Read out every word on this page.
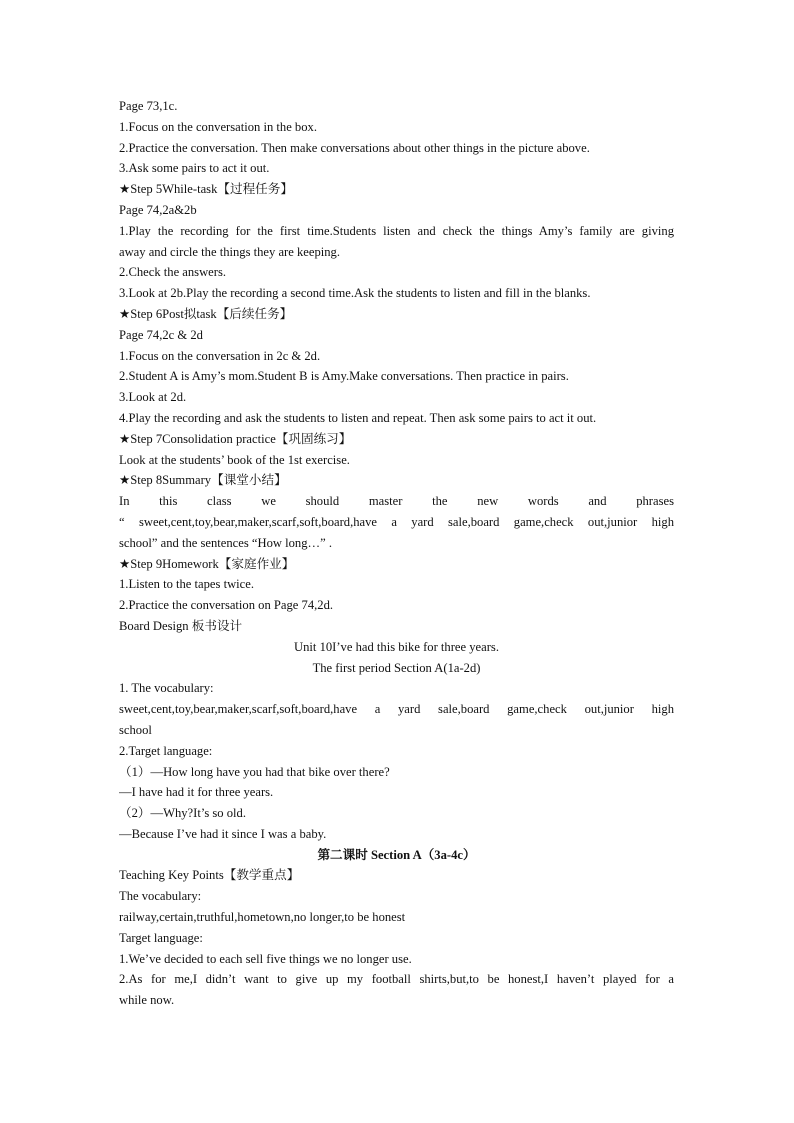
Page 73,1c.
1.Focus on the conversation in the box.
2.Practice the conversation. Then make conversations about other things in the picture above.
3.Ask some pairs to act it out.
★Step 5While-task【过程任务】
Page 74,2a&2b
1.Play the recording for the first time.Students listen and check the things Amy’s family are giving
away and circle the things they are keeping.
2.Check the answers.
3.Look at 2b.Play the recording a second time.Ask the students to listen and fill in the blanks.
★Step 6Post拟task【后续任务】
Page 74,2c & 2d
1.Focus on the conversation in 2c & 2d.
2.Student A is Amy’s mom.Student B is Amy.Make conversations. Then practice in pairs.
3.Look at 2d.
4.Play the recording and ask the students to listen and repeat. Then ask some pairs to act it out.
★Step 7Consolidation practice【巩固练习】
Look at the students’ book of the 1st exercise.
★Step 8Summary【课堂小结】
In this class we should master the new words and phrases
“ sweet,cent,toy,bear,maker,scarf,soft,board,have a yard sale,board game,check out,junior high
school” and the sentences “How long…” .
★Step 9Homework【家庭作业】
1.Listen to the tapes twice.
2.Practice the conversation on Page 74,2d.
Board Design 板书设计
Unit 10I’ve had this bike for three years.
The first period Section A(1a-2d)
1. The vocabulary:
sweet,cent,toy,bear,maker,scarf,soft,board,have a yard sale,board game,check out,junior high
school
2.Target language:
（1）—How long have you had that bike over there?
—I have had it for three years.
（2）—Why?It’s so old.
—Because I’ve had it since I was a baby.
第二课时 Section A（3a-4c）
Teaching Key Points【教学重点】
The vocabulary:
railway,certain,truthful,hometown,no longer,to be honest
Target language:
1.We’ve decided to each sell five things we no longer use.
2.As for me,I didn’t want to give up my football shirts,but,to be honest,I haven’t played for a
while now.
